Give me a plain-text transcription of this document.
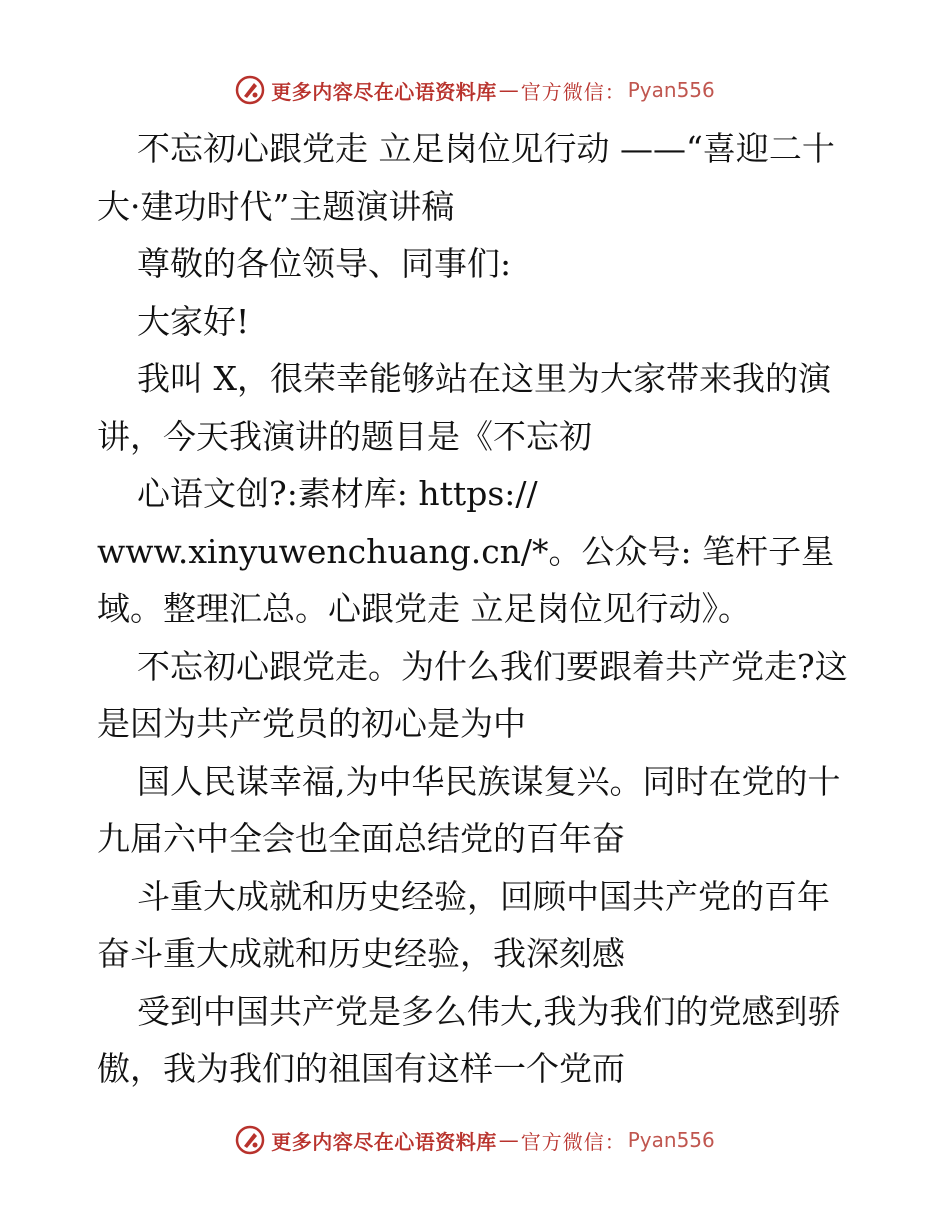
更多内容尽在心语资料库 — 官方微信： Pyan556

不忘初心跟党走 立足岗位见行动 ——“喜迎二十大·建功时代”主题演讲稿

尊敬的各位领导、同事们:

大家好!

我叫 X，很荣幸能够站在这里为大家带来我的演讲，今天我演讲的题目是《不忘初

心语文创?:素材库: https://

www.xinyuwenchuang.cn/*。公众号: 笔杆子星域。整理汇总。心跟党走 立足岗位见行动》。

不忘初心跟党走。为什么我们要跟着共产党走?这是因为共产党员的初心是为中

国人民谋幸福,为中华民族谋复兴。同时在党的十九届六中全会也全面总结党的百年奋

斗重大成就和历史经验，回顾中国共产党的百年奋斗重大成就和历史经验，我深刻感

受到中国共产党是多么伟大,我为我们的党感到骄傲，我为我们的祖国有这样一个党而

更多内容尽在心语资料库 — 官方微信： Pyan556
